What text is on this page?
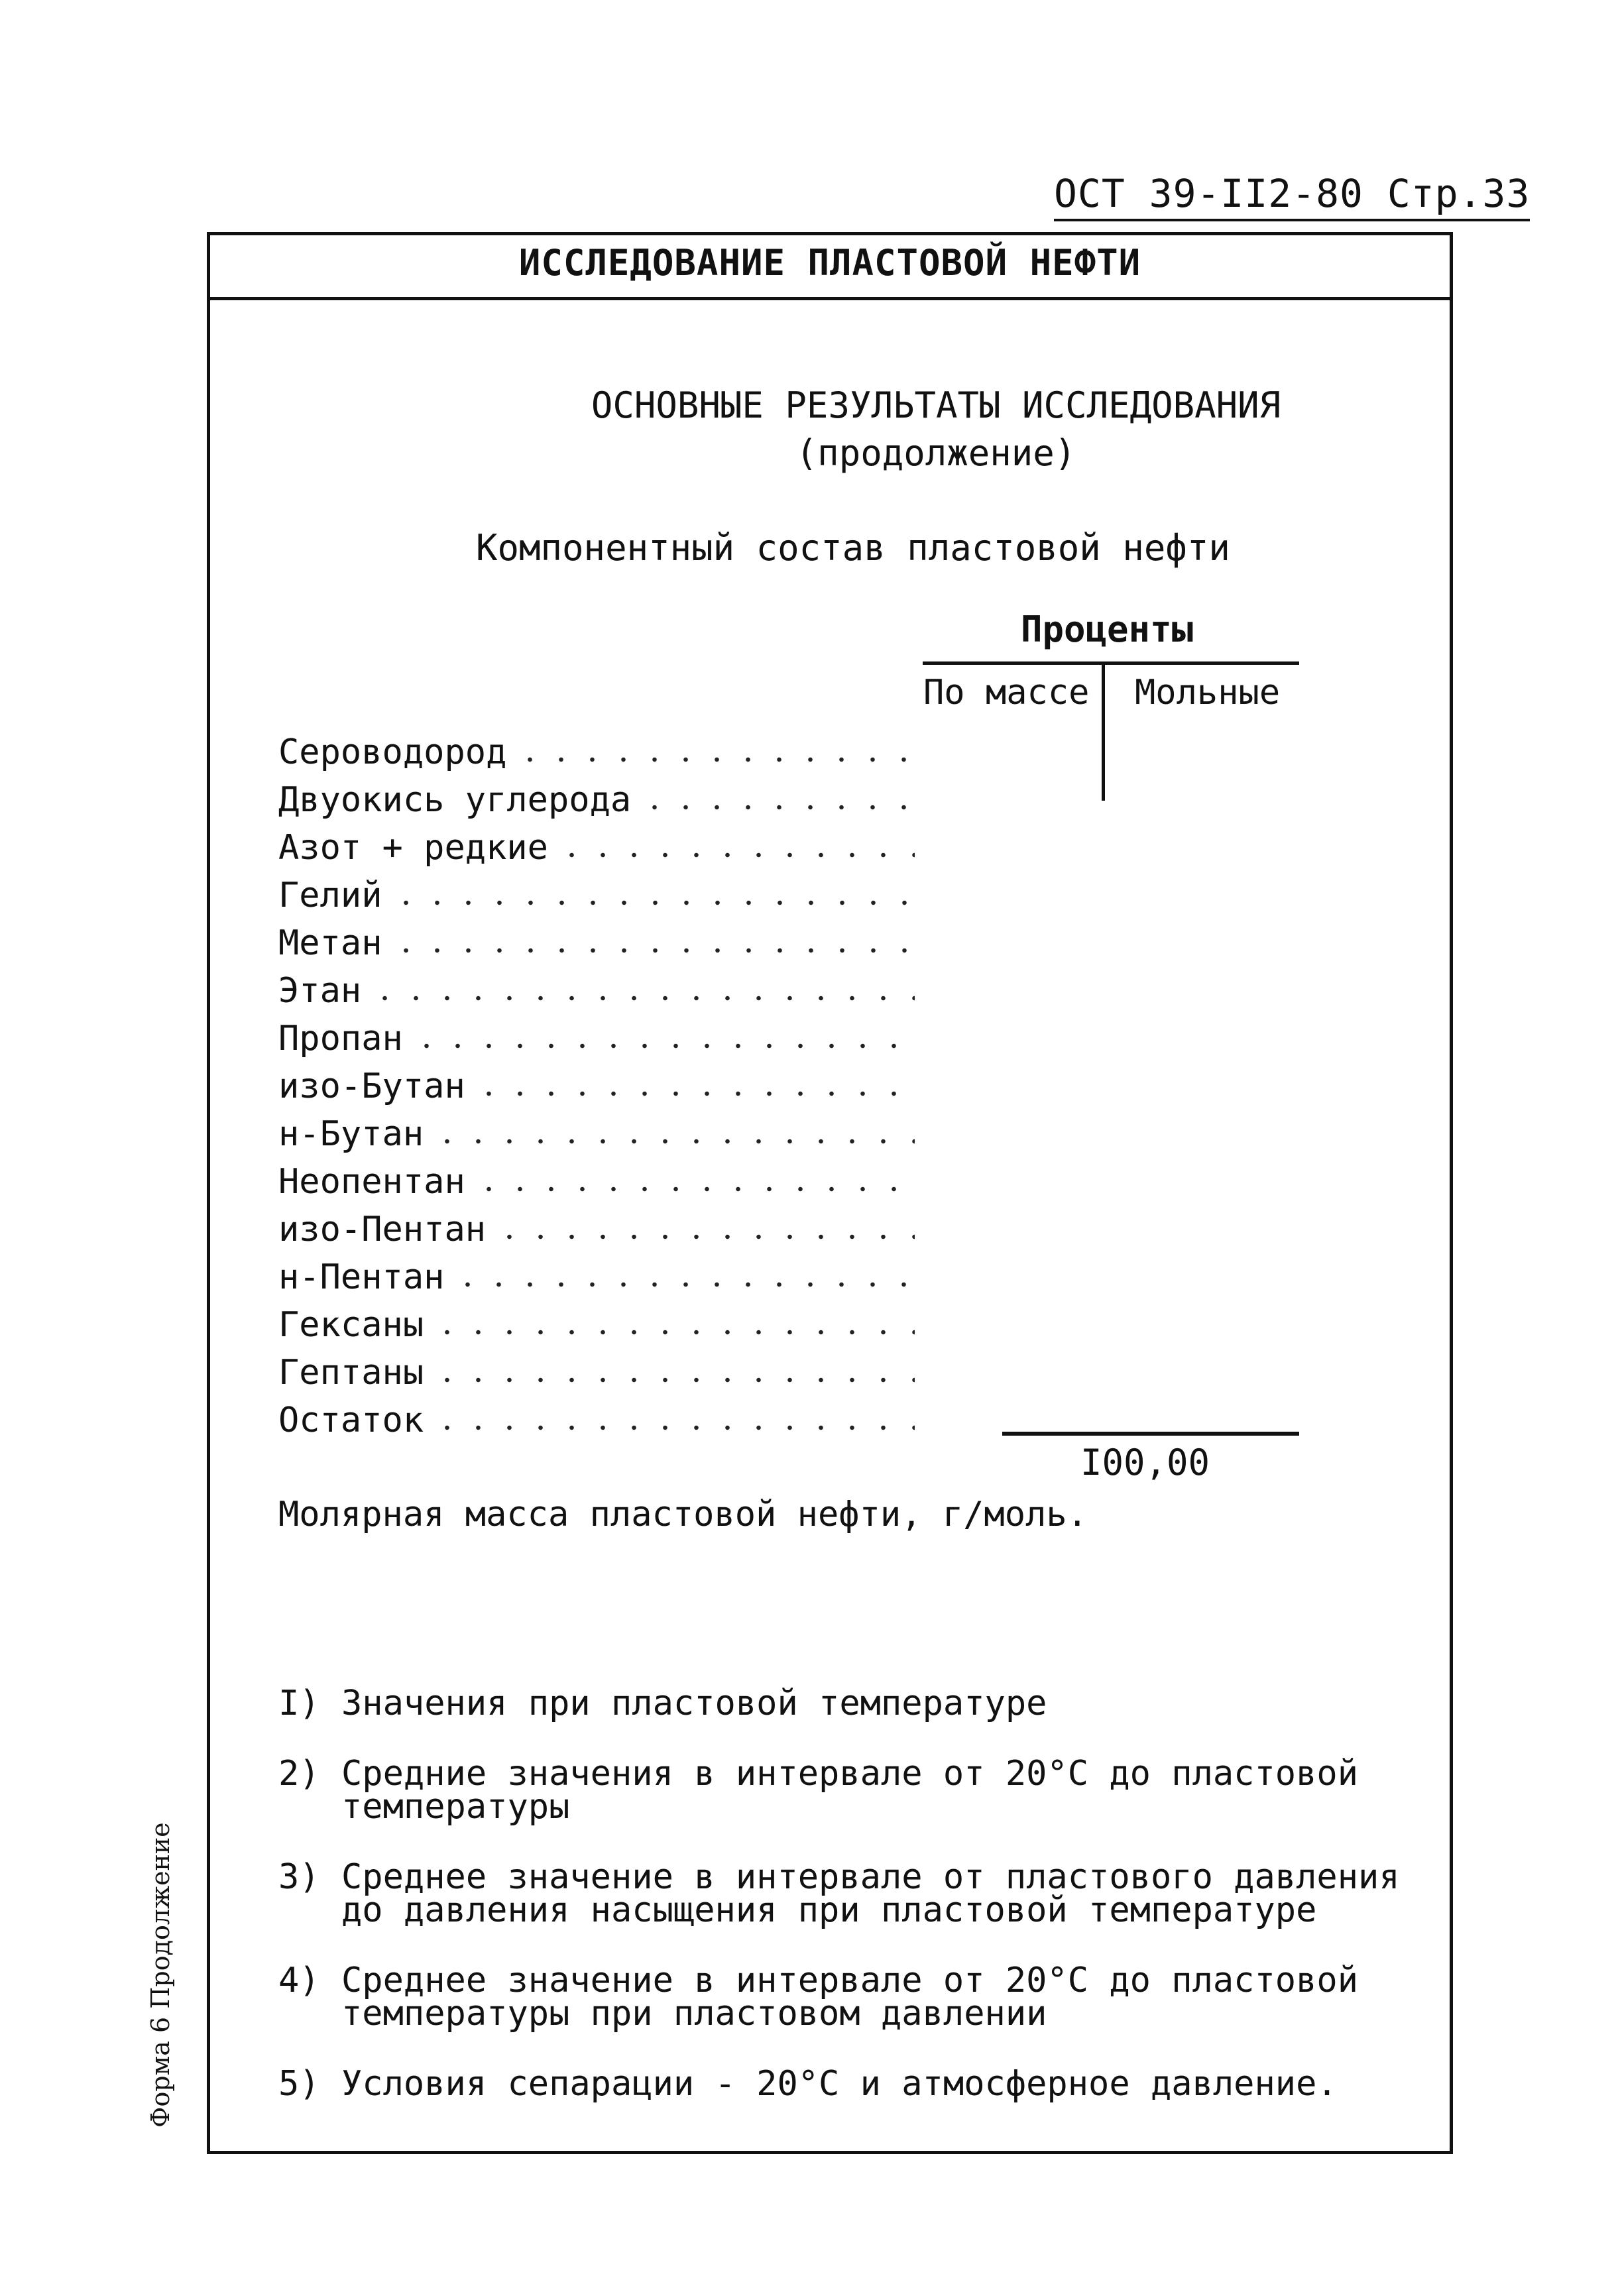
ОСТ 39-II2-80 Стр.33
ИССЛЕДОВАНИЕ ПЛАСТОВОЙ НЕФТИ
ОСНОВНЫЕ РЕЗУЛЬТАТЫ ИССЛЕДОВАНИЯ
(продолжение)
Компонентный состав пластовой нефти
Проценты
По массе Мольные
Сероводород
Двуокись углерода
Азот + редкие
Гелий
Метан
Этан
Пропан
изо-Бутан
н-Бутан
Неопентан
изо-Пентан
н-Пентан
Гексаны
Гептаны
Остаток
I00,00
Молярная масса пластовой нефти, г/моль.
I) Значения при пластовой температуре
2) Средние значения в интервале от 20°С до пластовой температуры
3) Среднее значение в интервале от пластового давления до давления насыщения при пластовой температуре
4) Среднее значение в интервале от 20°С до пластовой температуры при пластовом давлении
5) Условия сепарации - 20°С и атмосферное давление.
Форма 6 Продолжение
